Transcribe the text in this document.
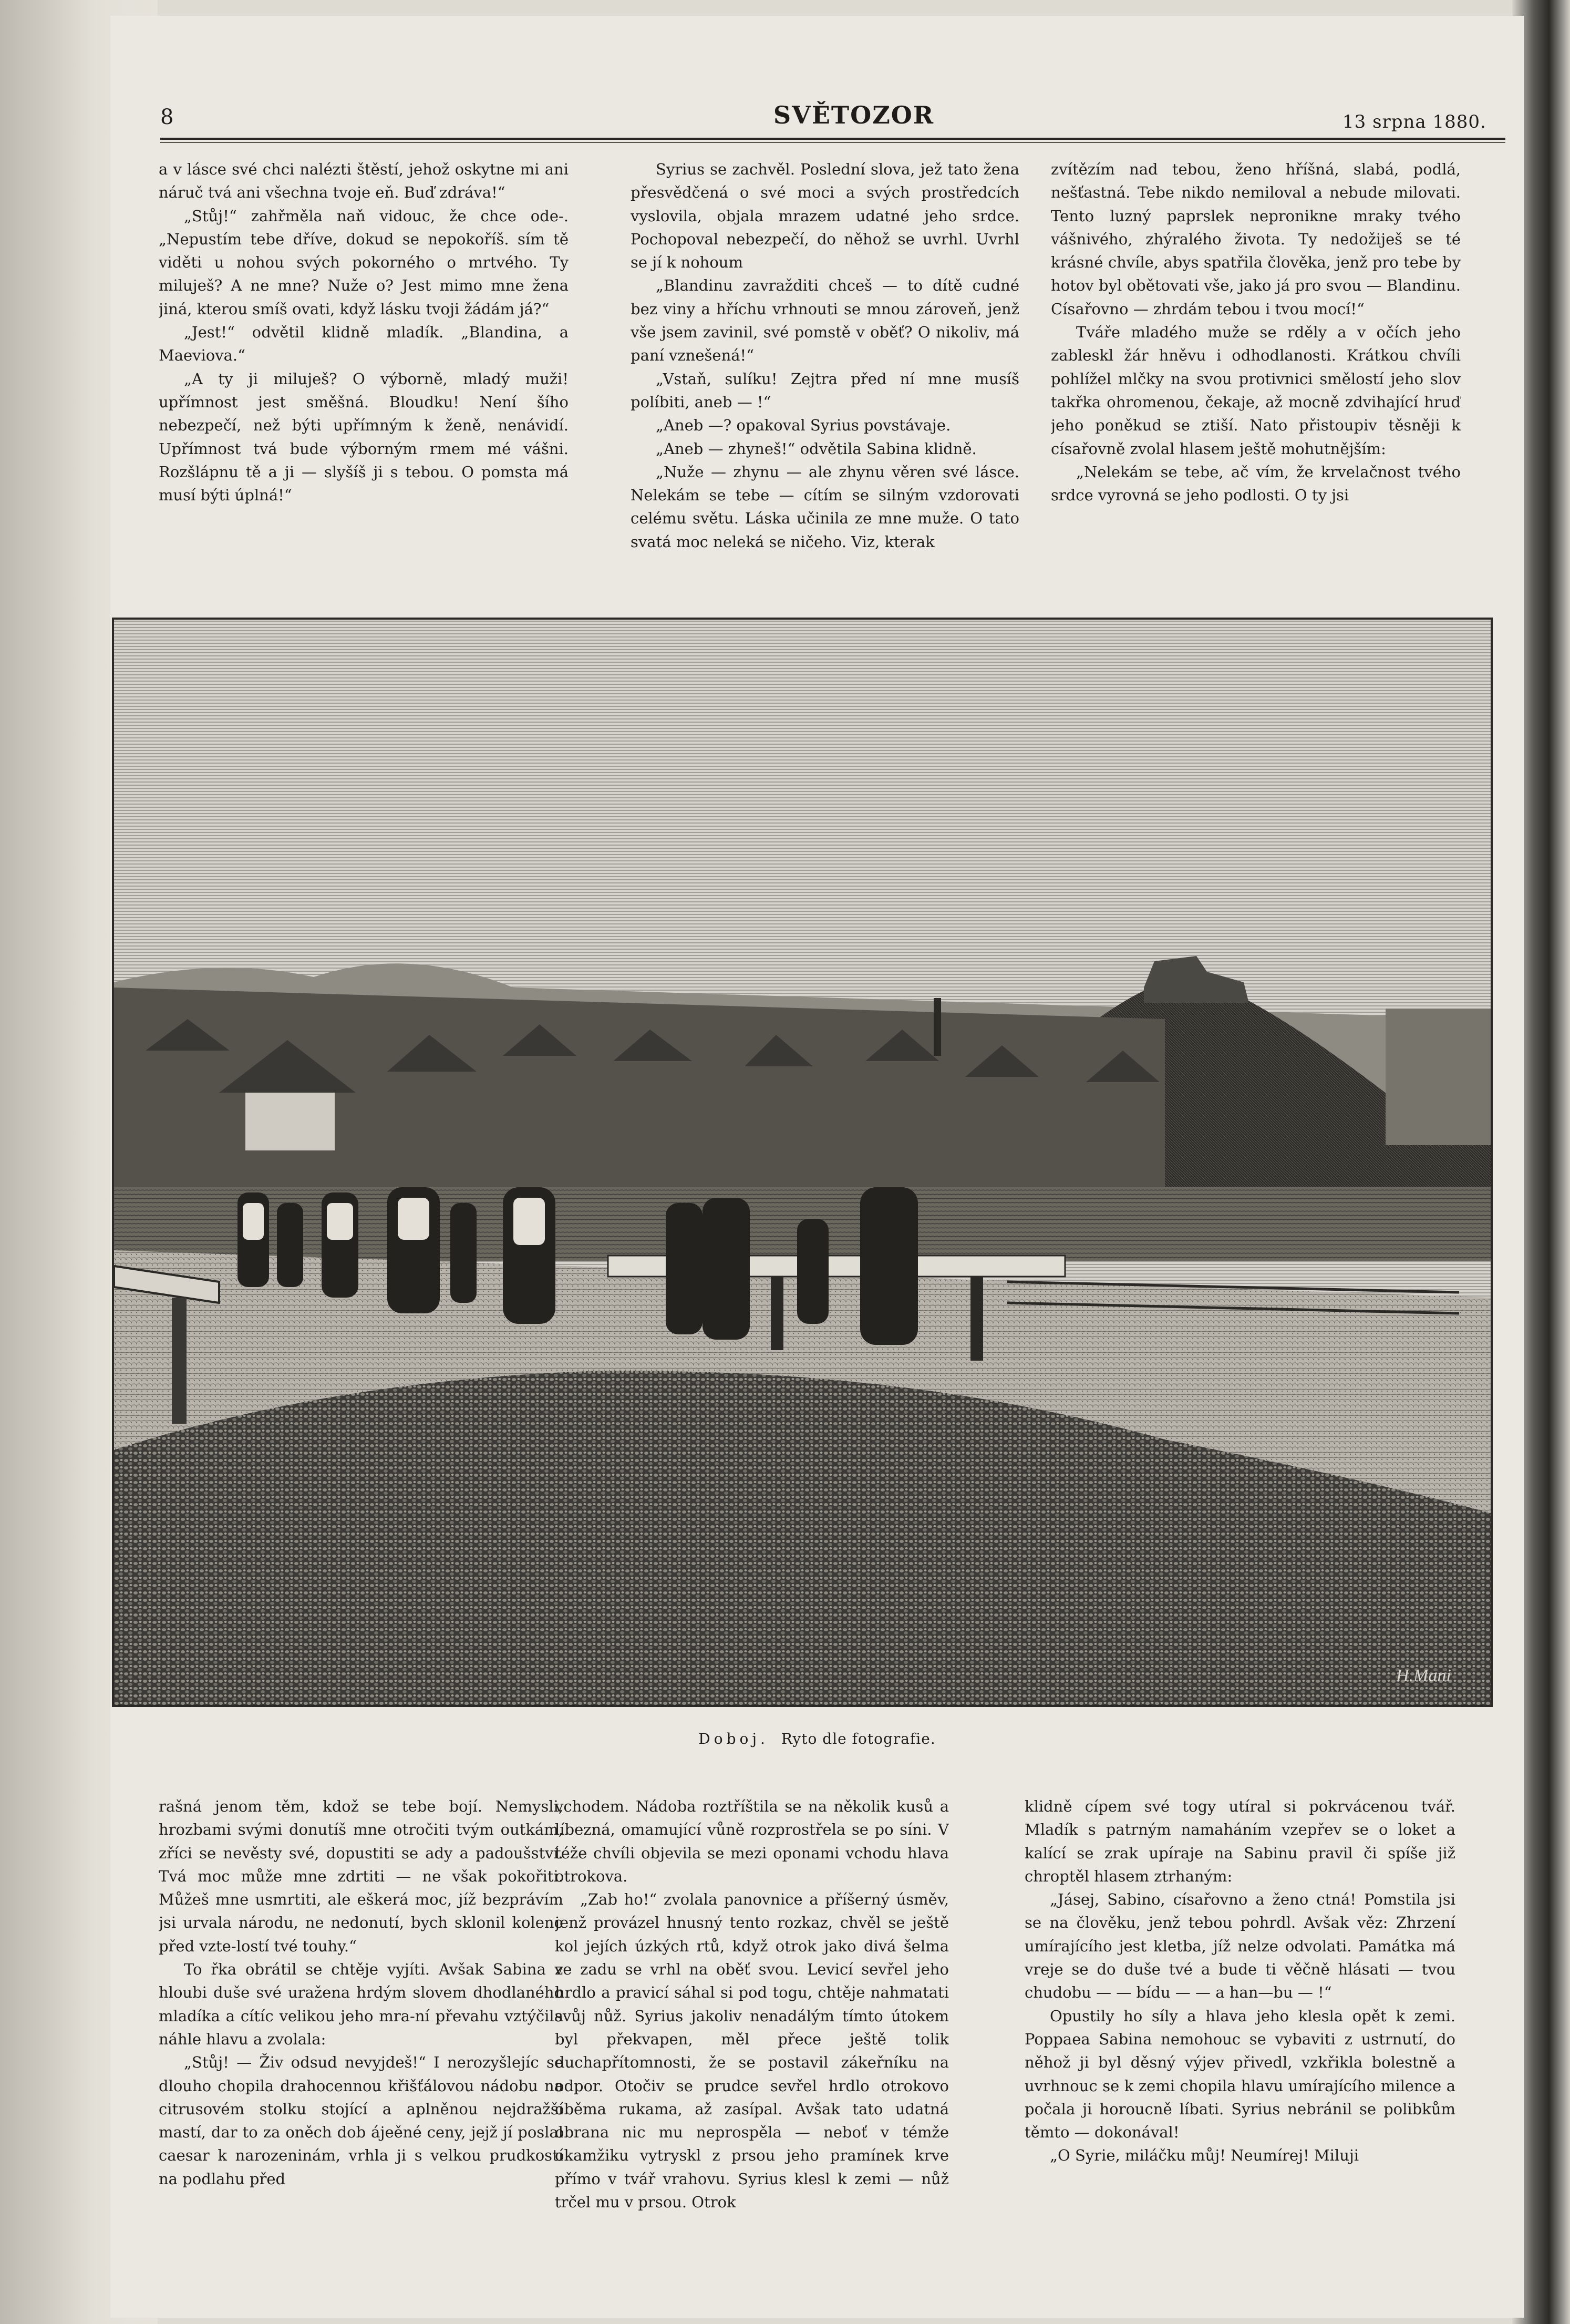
8	SVĚTOZOR	13 srpna 1880.

a v lásce své chci nalézti štěstí, jehož oskytne mi ani náruč tvá ani všechna tvoje eň. Buď zdráva!“

„Stůj!“ zahřměla naň vidouc, že chce ode-. „Nepustím tebe dříve, dokud se nepokoříš. sím tě viděti u nohou svých pokorného o mrtvého. Ty miluješ? A ne mne? Nuže o? Jest mimo mne žena jiná, kterou smíš ovati, když lásku tvoji žádám já?“

„Jest!“ odvětil klidně mladík. „Blandina, a Maeviova.“

„A ty ji miluješ? O výborně, mladý muži! upřímnost jest směšná. Bloudku! Není šího nebezpečí, než býti upřímným k ženě, nenávidí. Upřímnost tvá bude výborným rmem mé vášni. Rozšlápnu tě a ji — slyšíš ji s tebou. O pomsta má musí býti úplná!“

Syrius se zachvěl. Poslední slova, jež tato žena přesvědčená o své moci a svých prostředcích vyslovila, objala mrazem udatné jeho srdce. Pochopoval nebezpečí, do něhož se uvrhl. Uvrhl se jí k nohoum

„Blandinu zavražditi chceš — to dítě cudné bez viny a hříchu vrhnouti se mnou zároveň, jenž vše jsem zavinil, své pomstě v oběť? O nikoliv, má paní vznešená!“

„Vstaň, sulíku! Zejtra před ní mne musíš políbiti, aneb — !“

„Aneb —? opakoval Syrius povstávaje.

„Aneb — zhyneš!“ odvětila Sabina klidně.

„Nuže — zhynu — ale zhynu věren své lásce. Nelekám se tebe — cítím se silným vzdorovati celému světu. Láska učinila ze mne muže. O tato svatá moc neleká se ničeho. Viz, kterak

zvítězím nad tebou, ženo hříšná, slabá, podlá, nešťastná. Tebe nikdo nemiloval a nebude milovati. Tento luzný paprslek nepronikne mraky tvého vášnivého, zhýralého života. Ty nedožiješ se té krásné chvíle, abys spatřila člověka, jenž pro tebe by hotov byl obětovati vše, jako já pro svou — Blandinu. Císařovno — zhrdám tebou i tvou mocí!“

Tváře mladého muže se rděly a v očích jeho zableskl žár hněvu i odhodlanosti. Krátkou chvíli pohlížel mlčky na svou protivnici smělostí jeho slov takřka ohromenou, čekaje, až mocně zdvihající hruď jeho poněkud se ztiší. Nato přistoupiv těsněji k císařovně zvolal hlasem ještě mohutnějším:

„Nelekám se tebe, ač vím, že krvelačnost tvého srdce vyrovná se jeho podlosti. O ty jsi

H.Mani
Doboj. Ryto dle fotografie.

rašná jenom těm, kdož se tebe bojí. Nemysli, hrozbami svými donutíš mne otročiti tvým outkám, zříci se nevěsty své, dopustiti se ady a padoušství. Tvá moc může mne zdrtiti — ne však pokořiti. Můžeš mne usmrtiti, ale eškerá moc, jíž bezprávím jsi urvala národu, ne nedonutí, bych sklonil koleno před vzte-lostí tvé touhy.“

To řka obrátil se chtěje vyjíti. Avšak Sabina v hloubi duše své uražena hrdým slovem dhodlaného mladíka a cítíc velikou jeho mra-ní převahu vztýčila náhle hlavu a zvolala:

„Stůj! — Živ odsud nevyjdeš!“ I nerozyšlejíc se dlouho chopila drahocennou křišťálovou nádobu na citrusovém stolku stojící a aplněnou nejdražší mastí, dar to za oněch dob ájeěné ceny, jejž jí poslal caesar k narozeninám, vrhla ji s velkou prudkostí na podlahu před

vchodem. Nádoba roztříštila se na několik kusů a líbezná, omamující vůně rozprostřela se po síni. V téže chvíli objevila se mezi oponami vchodu hlava otrokova.

„Zab ho!“ zvolala panovnice a příšerný úsměv, jenž provázel hnusný tento rozkaz, chvěl se ještě kol jejích úzkých rtů, když otrok jako divá šelma ze zadu se vrhl na oběť svou. Levicí sevřel jeho hrdlo a pravicí sáhal si pod togu, chtěje nahmatati svůj nůž. Syrius jakoliv nenadálým tímto útokem byl překvapen, měl přece ještě tolik duchapřítomnosti, že se postavil zákeřníku na odpor. Otočiv se prudce sevřel hrdlo otrokovo oběma rukama, až zasípal. Avšak tato udatná obrana nic mu neprospěla — neboť v témže okamžiku vytryskl z prsou jeho pramínek krve přímo v tvář vrahovu. Syrius klesl k zemi — nůž trčel mu v prsou. Otrok

klidně cípem své togy utíral si pokrvácenou tvář. Mladík s patrným namaháním vzepřev se o loket a kalící se zrak upíraje na Sabinu pravil či spíše již chroptěl hlasem ztrhaným:

„Jásej, Sabino, císařovno a ženo ctná! Pomstila jsi se na člověku, jenž tebou pohrdl. Avšak věz: Zhrzení umírajícího jest kletba, jíž nelze odvolati. Památka má vreje se do duše tvé a bude ti věčně hlásati — tvou chudobu — — bídu — — a han—bu — !“

Opustily ho síly a hlava jeho klesla opět k zemi. Poppaea Sabina nemohouc se vybaviti z ustrnutí, do něhož ji byl děsný výjev přivedl, vzkřikla bolestně a uvrhnouc se k zemi chopila hlavu umírajícího milence a počala ji horoucně líbati. Syrius nebránil se polibkům těmto — dokonával!

„O Syrie, miláčku můj! Neumírej! Miluji
